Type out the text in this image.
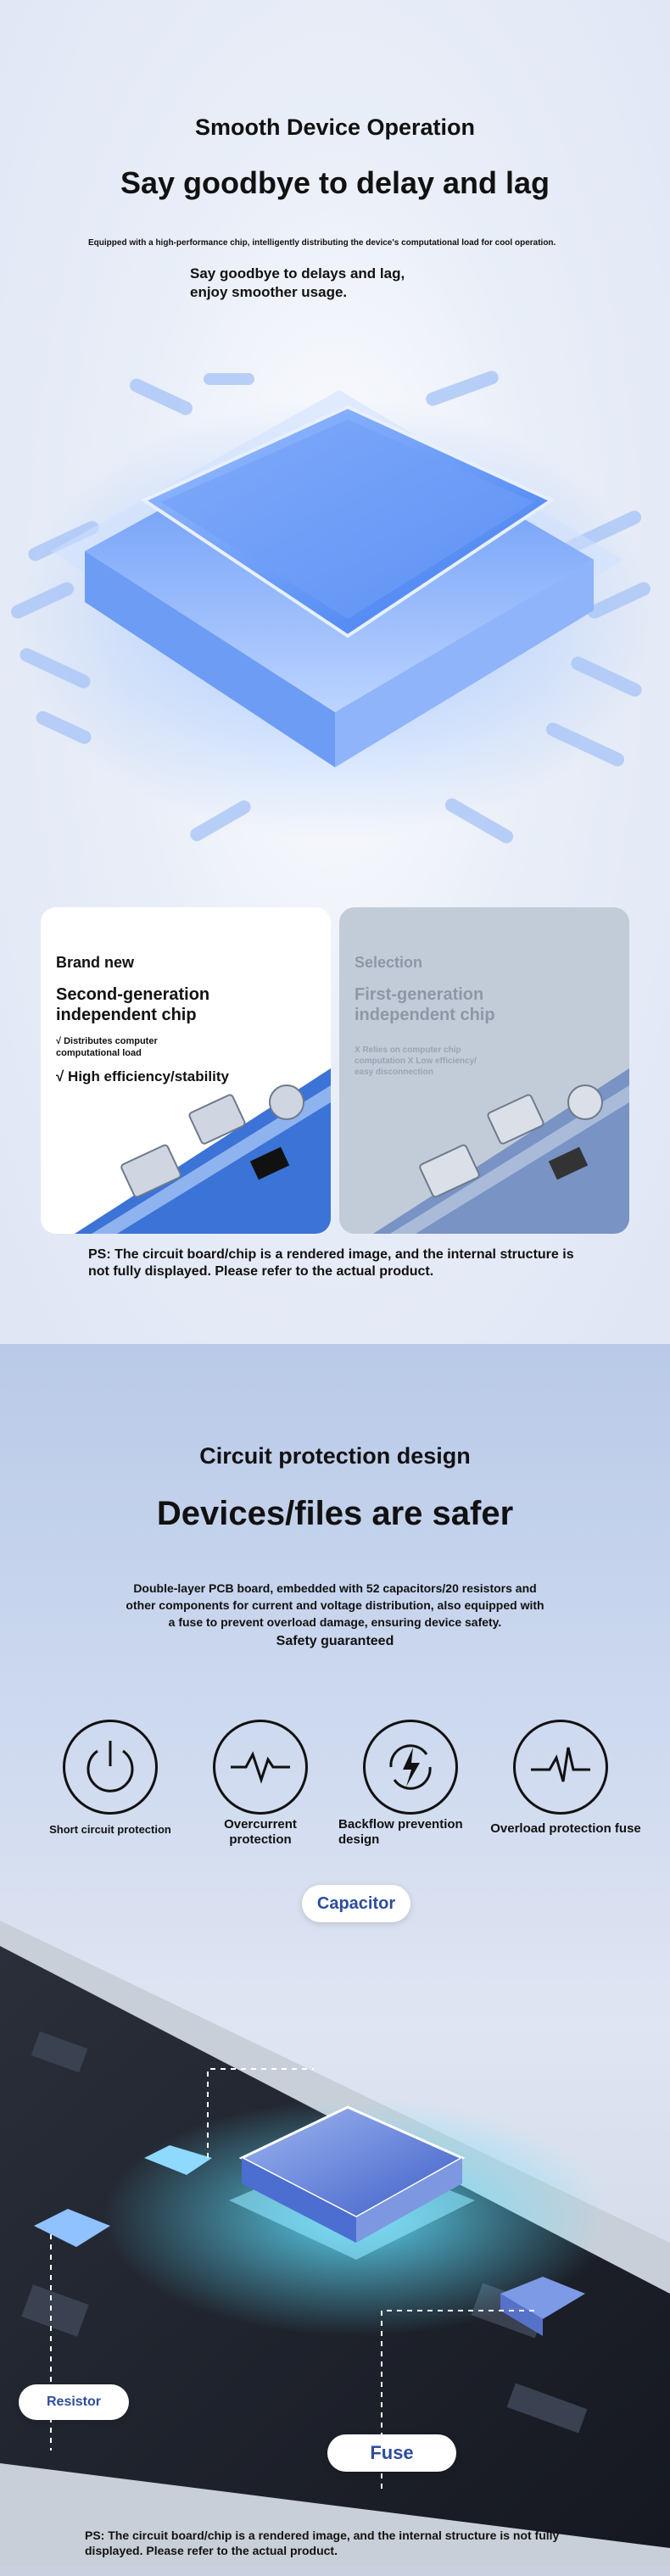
Smooth Device Operation
Say goodbye to delay and lag
Equipped with a high-performance chip, intelligently distributing the device's computational load for cool operation.
Say goodbye to delays and lag,
enjoy smoother usage.
Brand new
Second-generation
independent chip
√ Distributes computer
computational load
√ High efficiency/stability
Selection
First-generation
independent chip
X Relies on computer chip
computation X Low efficiency/
easy disconnection
PS: The circuit board/chip is a rendered image, and the internal structure is
not fully displayed. Please refer to the actual product.
Circuit protection design
Devices/files are safer
Double-layer PCB board, embedded with 52 capacitors/20 resistors and
other components for current and voltage distribution, also equipped with
a fuse to prevent overload damage, ensuring device safety.
Safety guaranteed
Short circuit protection	Overcurrent
protection
Backflow prevention
design
Overload protection fuse
Capacitor
Resistor
Fuse
PS: The circuit board/chip is a rendered image, and the internal structure is not fully
displayed. Please refer to the actual product.
